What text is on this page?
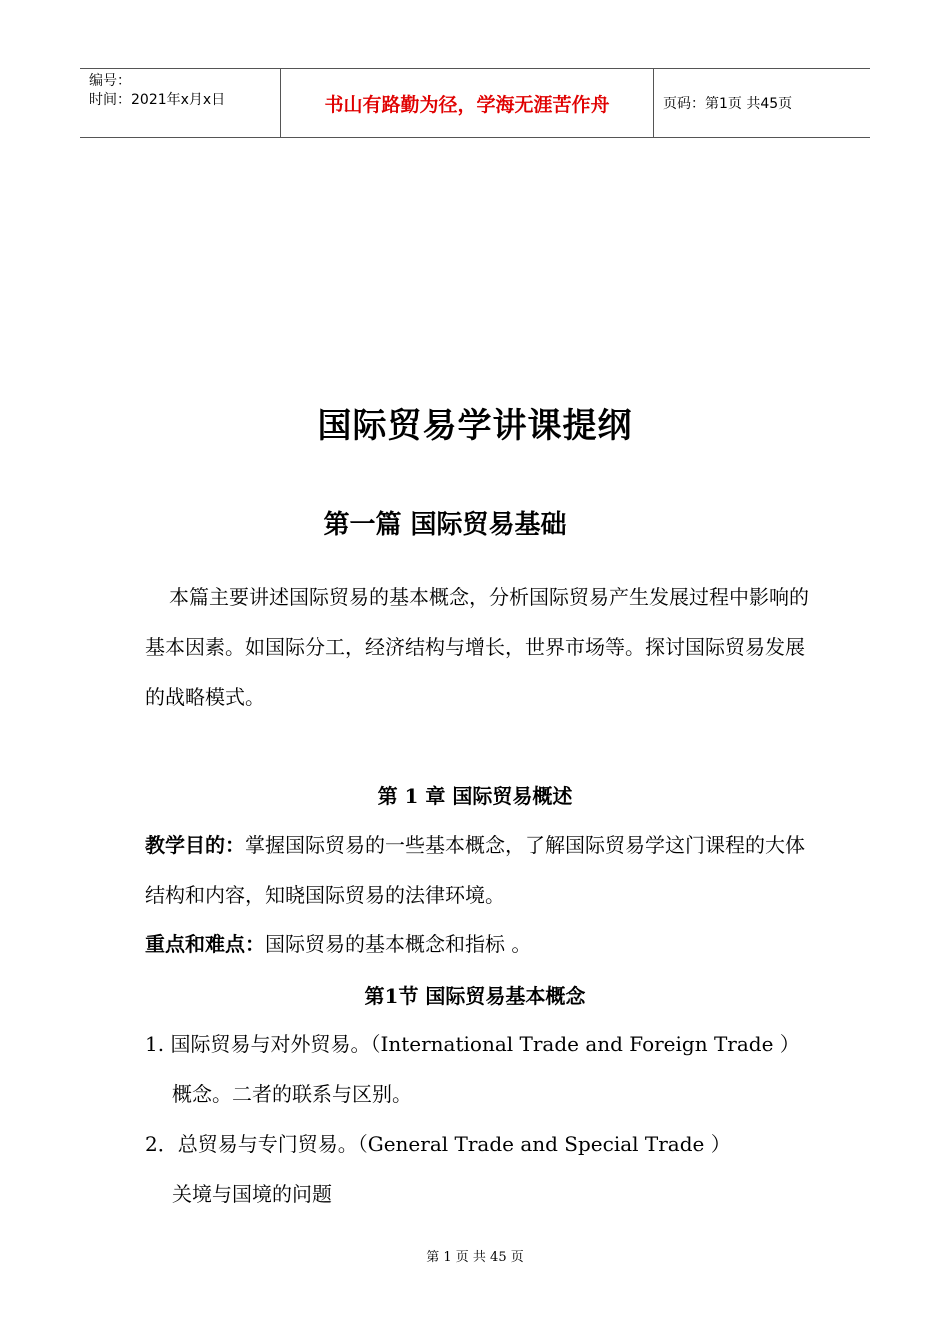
编号：
时间：2021年x月x日	书山有路勤为径，学海无涯苦作舟	页码：第1页 共45页
国际贸易学讲课提纲
第一篇 国际贸易基础
本篇主要讲述国际贸易的基本概念，分析国际贸易产生发展过程中影响的基本因素。如国际分工，经济结构与增长，世界市场等。探讨国际贸易发展的战略模式。
第 1 章 国际贸易概述
教学目的：掌握国际贸易的一些基本概念，了解国际贸易学这门课程的大体结构和内容，知晓国际贸易的法律环境。
重点和难点：国际贸易的基本概念和指标 。
第1节 国际贸易基本概念
1. 国际贸易与对外贸易。（International Trade and Foreign Trade ）
概念。二者的联系与区别。
2．总贸易与专门贸易。（General Trade and Special Trade ）
关境与国境的问题
第 1 页 共 45 页
